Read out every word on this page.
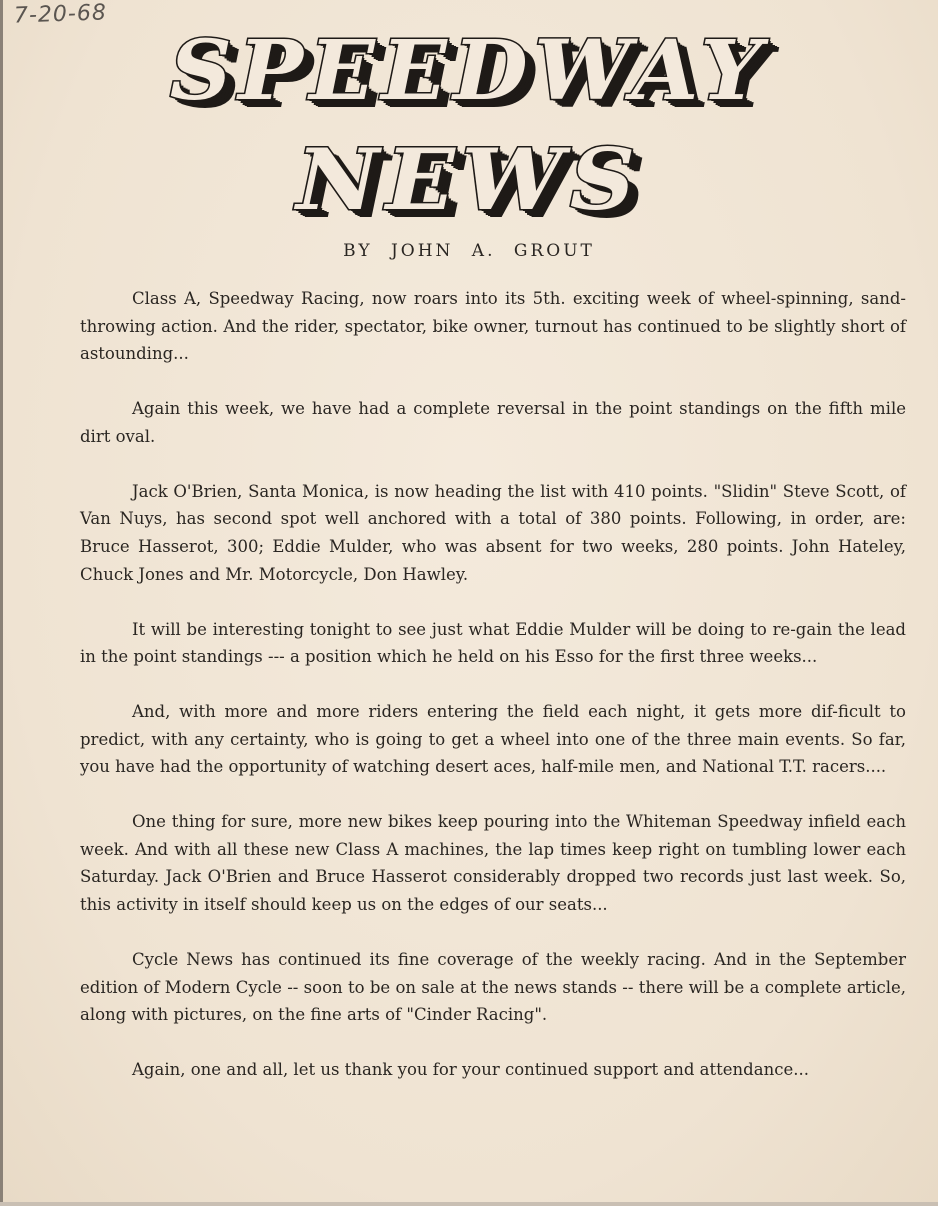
7-20-68
SPEEDWAY
NEWS
BY JOHN A. GROUT

Class A, Speedway Racing, now roars into its 5th. exciting week of wheel-spinning, sand-throwing action. And the rider, spectator, bike owner, turnout has continued to be slightly short of astounding...

Again this week, we have had a complete reversal in the point standings on the fifth mile dirt oval.

Jack O'Brien, Santa Monica, is now heading the list with 410 points. "Slidin" Steve Scott, of Van Nuys, has second spot well anchored with a total of 380 points. Following, in order, are: Bruce Hasserot, 300; Eddie Mulder, who was absent for two weeks, 280 points. John Hateley, Chuck Jones and Mr. Motorcycle, Don Hawley.

It will be interesting tonight to see just what Eddie Mulder will be doing to re-gain the lead in the point standings --- a position which he held on his Esso for the first three weeks...

And, with more and more riders entering the field each night, it gets more dif-ficult to predict, with any certainty, who is going to get a wheel into one of the three main events. So far, you have had the opportunity of watching desert aces, half-mile men, and National T.T. racers....

One thing for sure, more new bikes keep pouring into the Whiteman Speedway infield each week. And with all these new Class A machines, the lap times keep right on tumbling lower each Saturday. Jack O'Brien and Bruce Hasserot considerably dropped two records just last week. So, this activity in itself should keep us on the edges of our seats...

Cycle News has continued its fine coverage of the weekly racing. And in the September edition of Modern Cycle -- soon to be on sale at the news stands -- there will be a complete article, along with pictures, on the fine arts of "Cinder Racing".

Again, one and all, let us thank you for your continued support and attendance...
